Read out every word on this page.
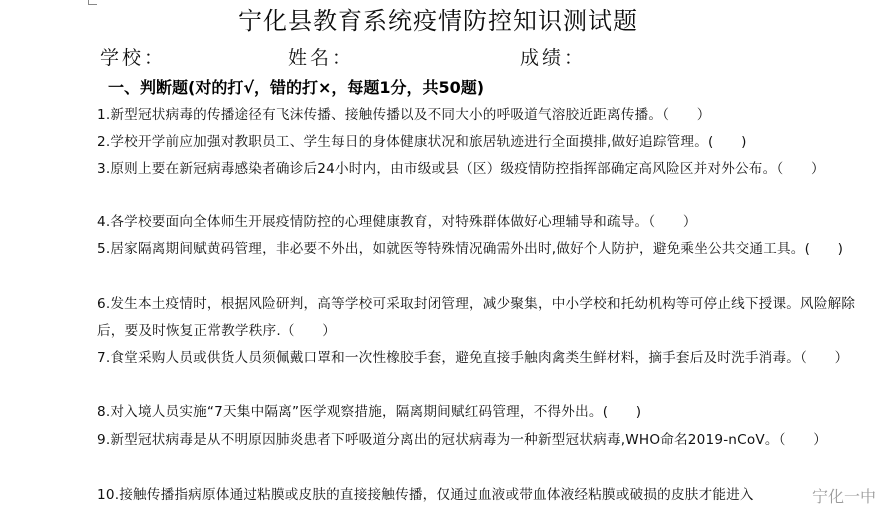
宁化县教育系统疫情防控知识测试题
学校：	姓名：	成绩：
一、判断题(对的打√，错的打×，每题1分，共50题)
1.新型冠状病毒的传播途径有飞沫传播、接触传播以及不同大小的呼吸道气溶胶近距离传播。（　　）
2.学校开学前应加强对教职员工、学生每日的身体健康状况和旅居轨迹进行全面摸排,做好追踪管理。(　　)
3.原则上要在新冠病毒感染者确诊后24小时内，由市级或县（区）级疫情防控指挥部确定高风险区并对外公布。（　　）
4.各学校要面向全体师生开展疫情防控的心理健康教育，对特殊群体做好心理辅导和疏导。（　　）
5.居家隔离期间赋黄码管理，非必要不外出，如就医等特殊情况确需外出时,做好个人防护，避免乘坐公共交通工具。(　　)
6.发生本土疫情时，根据风险研判，高等学校可采取封闭管理，减少聚集，中小学校和托幼机构等可停止线下授课。风险解除后，要及时恢复正常教学秩序.（　　）
7.食堂采购人员或供货人员须佩戴口罩和一次性橡胶手套，避免直接手触肉禽类生鲜材料，摘手套后及时洗手消毒。（　　）
8.对入境人员实施“7天集中隔离”医学观察措施，隔离期间赋红码管理，不得外出。(　　)
9.新型冠状病毒是从不明原因肺炎患者下呼吸道分离出的冠状病毒为一种新型冠状病毒,WHO命名2019-nCoV。（　　）
10.接触传播指病原体通过粘膜或皮肤的直接接触传播，仅通过血液或带血体液经粘膜或破损的皮肤才能进入	宁化一中
